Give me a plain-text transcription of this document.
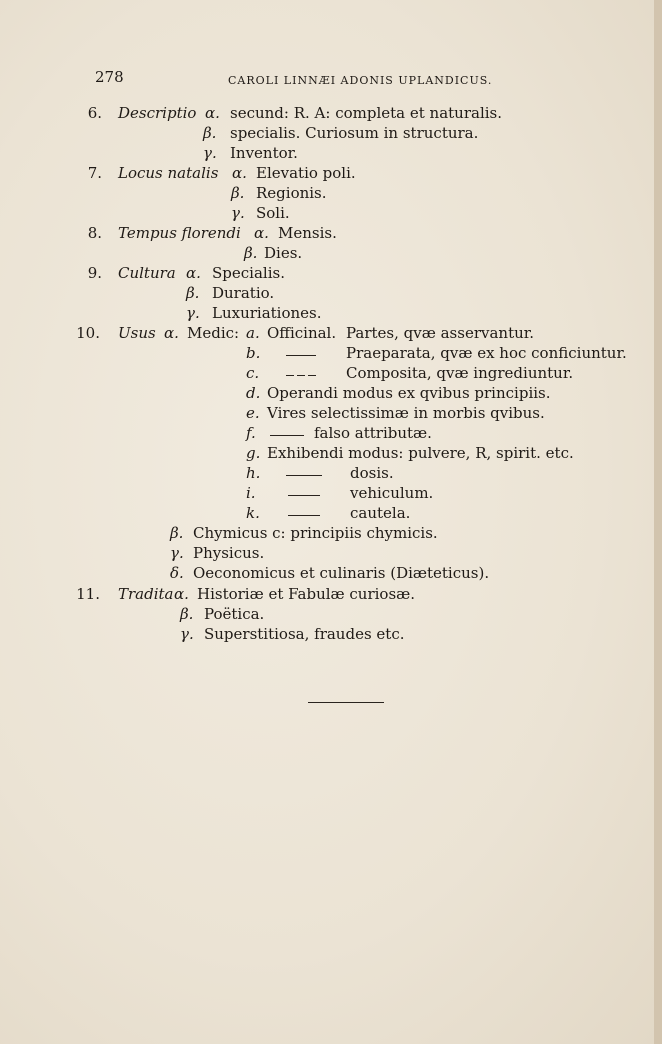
278	CAROLI LINNÆI ADONIS UPLANDICUS.
6. Descriptio α. secund: R. A: completa et naturalis.
β. specialis. Curiosum in structura.
γ. Inventor.
7. Locus natalis α. Elevatio poli.
β. Regionis.
γ. Soli.
8. Tempus florendi α. Mensis.
β. Dies.
9. Cultura α. Specialis.
β. Duratio.
γ. Luxuriationes.
10. Usus α. Medic: a. Officinal. Partes, qvæ asservantur.
b.	Praeparata, qvæ ex hoc conficiuntur.
c.	Composita, qvæ ingrediuntur.
d. Operandi modus ex qvibus principiis.
e. Vires selectissimæ in morbis qvibus.
f.	falso attributæ.
g. Exhibendi modus: pulvere, R, spirit. etc.
h.	dosis.
i.	vehiculum.
k.	cautela.
β. Chymicus c: principiis chymicis.
γ. Physicus.
δ. Oeconomicus et culinaris (Diæteticus).
11. Tradita α. Historiæ et Fabulæ curiosæ.
β. Poëtica.
γ. Superstitiosa, fraudes etc.
